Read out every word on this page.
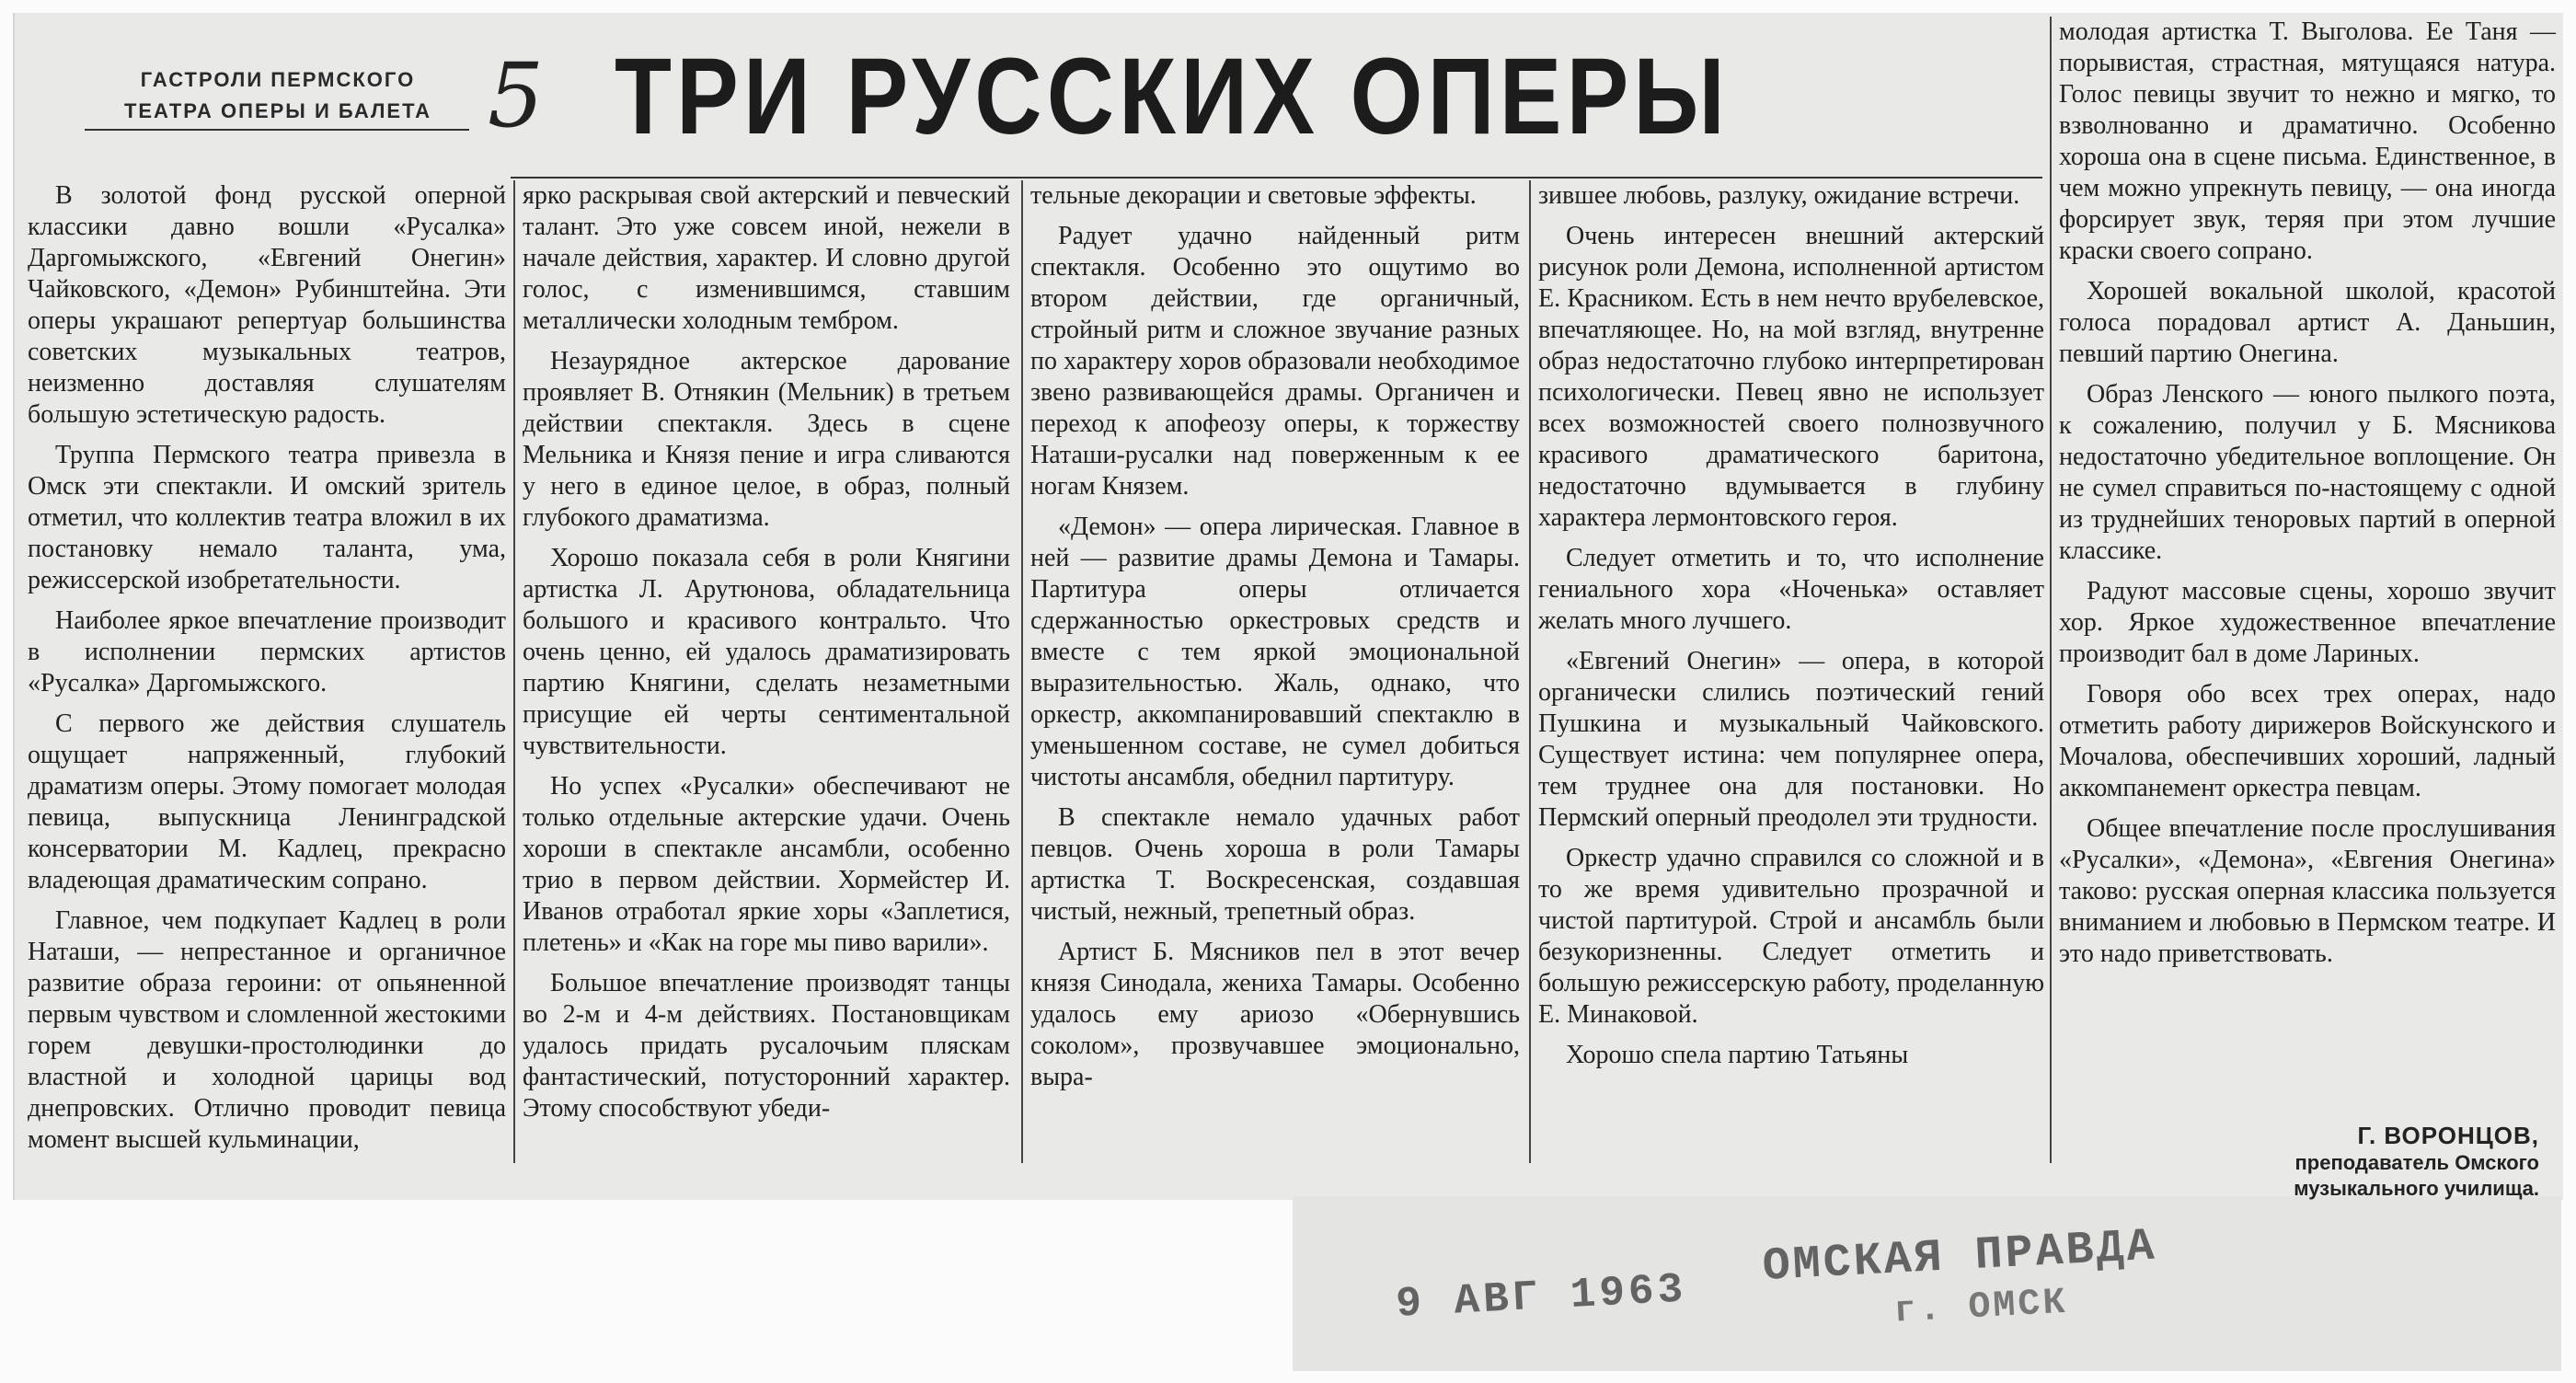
ГАСТРОЛИ ПЕРМСКОГО
ТЕАТРА ОПЕРЫ И БАЛЕТА 5 ТРИ РУССКИХ ОПЕРЫ

В золотой фонд русской оперной классики давно вошли «Русалка» Даргомыжского, «Евгений Онегин» Чайковского, «Демон» Рубинштейна. Эти оперы украшают репертуар большинства советских музыкальных театров, неизменно доставляя слушателям большую эстетическую радость.

Труппа Пермского театра привезла в Омск эти спектакли. И омский зритель отметил, что коллектив театра вложил в их постановку немало таланта, ума, режиссерской изобретательности.

Наиболее яркое впечатление производит в исполнении пермских артистов «Русалка» Даргомыжского.

С первого же действия слушатель ощущает напряженный, глубокий драматизм оперы. Этому помогает молодая певица, выпускница Ленинградской консерватории М. Кадлец, прекрасно владеющая драматическим сопрано.

Главное, чем подкупает Кадлец в роли Наташи, — непрестанное и органичное развитие образа героини: от опьяненной первым чувством и сломленной жестокими горем девушки-простолюдинки до властной и холодной царицы вод днепровских. Отлично проводит певица момент высшей кульминации,

ярко раскрывая свой актерский и певческий талант. Это уже совсем иной, нежели в начале действия, характер. И словно другой голос, с изменившимся, ставшим металлически холодным тембром.

Незаурядное актерское дарование проявляет В. Отнякин (Мельник) в третьем действии спектакля. Здесь в сцене Мельника и Князя пение и игра сливаются у него в единое целое, в образ, полный глубокого драматизма.

Хорошо показала себя в роли Княгини артистка Л. Арутюнова, обладательница большого и красивого контральто. Что очень ценно, ей удалось драматизировать партию Княгини, сделать незаметными присущие ей черты сентиментальной чувствительности.

Но успех «Русалки» обеспечивают не только отдельные актерские удачи. Очень хороши в спектакле ансамбли, особенно трио в первом действии. Хормейстер И. Иванов отработал яркие хоры «Заплетися, плетень» и «Как на горе мы пиво варили».

Большое впечатление производят танцы во 2-м и 4-м действиях. Постановщикам удалось придать русалочьим пляскам фантастический, потусторонний характер. Этому способствуют убеди-

тельные декорации и световые эффекты.

Радует удачно найденный ритм спектакля. Особенно это ощутимо во втором действии, где органичный, стройный ритм и сложное звучание разных по характеру хоров образовали необходимое звено развивающейся драмы. Органичен и переход к апофеозу оперы, к торжеству Наташи-русалки над поверженным к ее ногам Князем.

«Демон» — опера лирическая. Главное в ней — развитие драмы Демона и Тамары. Партитура оперы отличается сдержанностью оркестровых средств и вместе с тем яркой эмоциональной выразительностью. Жаль, однако, что оркестр, аккомпанировавший спектаклю в уменьшенном составе, не сумел добиться чистоты ансамбля, обеднил партитуру.

В спектакле немало удачных работ певцов. Очень хороша в роли Тамары артистка Т. Воскресенская, создавшая чистый, нежный, трепетный образ.

Артист Б. Мясников пел в этот вечер князя Синодала, жениха Тамары. Особенно удалось ему ариозо «Обернувшись соколом», прозвучавшее эмоционально, выра-

зившее любовь, разлуку, ожидание встречи.

Очень интересен внешний актерский рисунок роли Демона, исполненной артистом Е. Красником. Есть в нем нечто врубелевское, впечатляющее. Но, на мой взгляд, внутренне образ недостаточно глубоко интерпретирован психологически. Певец явно не использует всех возможностей своего полнозвучного красивого драматического баритона, недостаточно вдумывается в глубину характера лермонтовского героя.

Следует отметить и то, что исполнение гениального хора «Ноченька» оставляет желать много лучшего.

«Евгений Онегин» — опера, в которой органически слились поэтический гений Пушкина и музыкальный Чайковского. Существует истина: чем популярнее опера, тем труднее она для постановки. Но Пермский оперный преодолел эти трудности.

Оркестр удачно справился со сложной и в то же время удивительно прозрачной и чистой партитурой. Строй и ансамбль были безукоризненны. Следует отметить и большую режиссерскую работу, проделанную Е. Минаковой.

Хорошо спела партию Татьяны

молодая артистка Т. Выголова. Ее Таня — порывистая, страстная, мятущаяся натура. Голос певицы звучит то нежно и мягко, то взволнованно и драматично. Особенно хороша она в сцене письма. Единственное, в чем можно упрекнуть певицу, — она иногда форсирует звук, теряя при этом лучшие краски своего сопрано.

Хорошей вокальной школой, красотой голоса порадовал артист А. Даньшин, певший партию Онегина.

Образ Ленского — юного пылкого поэта, к сожалению, получил у Б. Мясникова недостаточно убедительное воплощение. Он не сумел справиться по-настоящему с одной из труднейших теноровых партий в оперной классике.

Радуют массовые сцены, хорошо звучит хор. Яркое художественное впечатление производит бал в доме Лариных.

Говоря обо всех трех операх, надо отметить работу дирижеров Войскунского и Мочалова, обеспечивших хороший, ладный аккомпанемент оркестра певцам.

Общее впечатление после прослушивания «Русалки», «Демона», «Евгения Онегина» таково: русская оперная классика пользуется вниманием и любовью в Пермском театре. И это надо приветствовать.

Г. ВОРОНЦОВ,
преподаватель Омского
музыкального училища.
9 АВГ 1963
ОМСКАЯ ПРАВДА
г. ОМСК
